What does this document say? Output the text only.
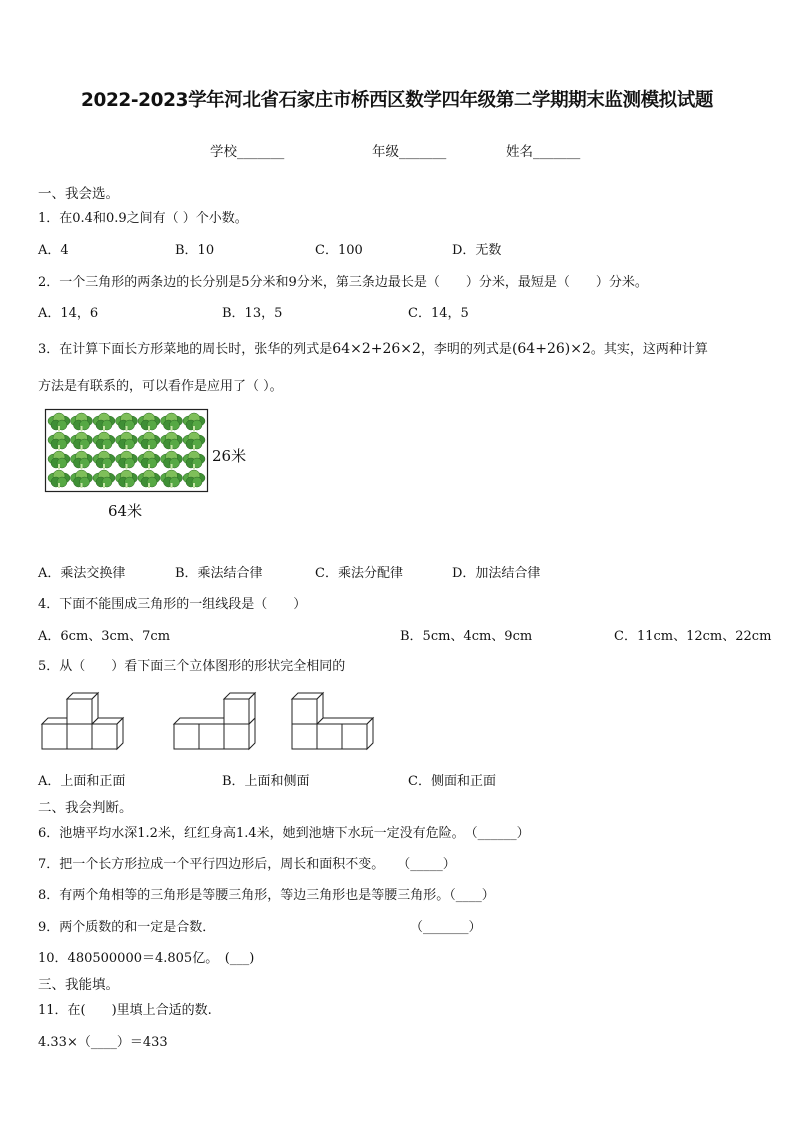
2022-2023学年河北省石家庄市桥西区数学四年级第二学期期末监测模拟试题
学校_______	年级_______	姓名_______
一、我会选。
1．在0.4和0.9之间有（ ）个小数。
A．4	B．10	C．100	D．无数
2．一个三角形的两条边的长分别是5分米和9分米，第三条边最长是（　　）分米，最短是（　　）分米。
A．14，6	B．13，5	C．14，5
3．在计算下面长方形菜地的周长时，张华的列式是64×2+26×2，李明的列式是(64+26)×2。其实，这两种计算
方法是有联系的，可以看作是应用了（ ）。
26米
64米
A．乘法交换律	B．乘法结合律	C．乘法分配律	D．加法结合律
4．下面不能围成三角形的一组线段是（　　）
A．6cm、3cm、7cm	B．5cm、4cm、9cm	C．11cm、12cm、22cm
5．从（　　）看下面三个立体图形的形状完全相同的
A．上面和正面	B．上面和侧面	C．侧面和正面
二、我会判断。
6．池塘平均水深1.2米，红红身高1.4米，她到池塘下水玩一定没有危险。　（______）
7．把一个长方形拉成一个平行四边形后，周长和面积不变。　　（_____）
8．有两个角相等的三角形是等腰三角形，等边三角形也是等腰三角形。（____）
9．两个质数的和一定是合数．	（_______）
10．480500000＝4.805亿。　(___)
三、我能填。
11．在(　　)里填上合适的数.
4.33×（____）＝433
